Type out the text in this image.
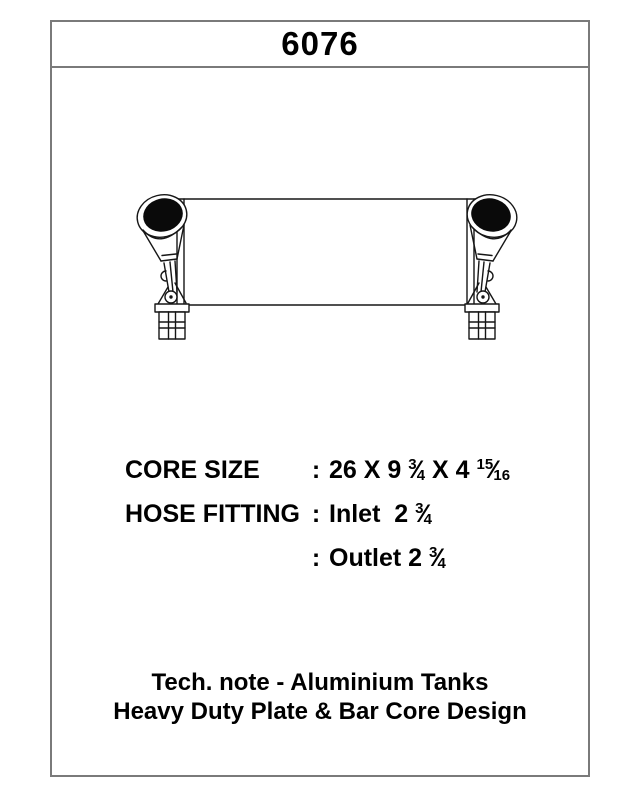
6076
CORE SIZE	: 26 X 9 $^3$⁄4 X 4 $^{15}$⁄16
HOSE FITTING : Inlet  2 $^3$⁄4
: Outlet 2 $^3$⁄4
Tech. note - Aluminium Tanks
Heavy Duty Plate & Bar Core Design
